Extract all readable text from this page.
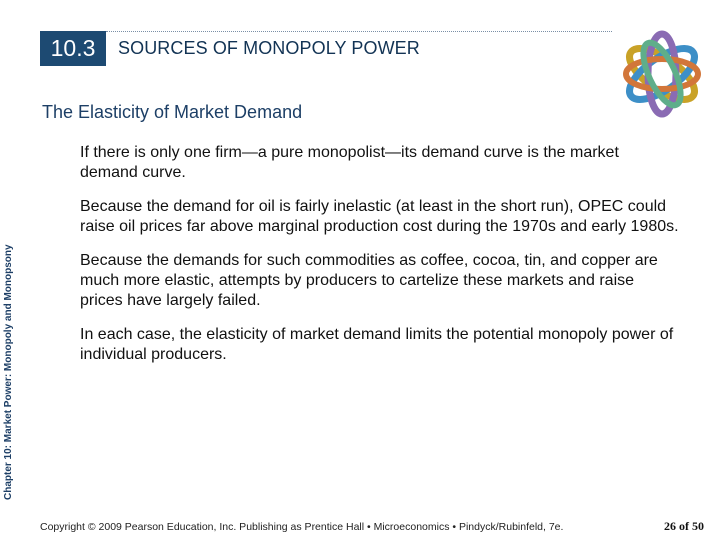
10.3	SOURCES OF MONOPOLY POWER
The Elasticity of Market Demand
Chapter 10: Market Power: Monopoly and Monopsony

If there is only one firm—a pure monopolist—its demand curve is the market demand curve.

Because the demand for oil is fairly inelastic (at least in the short run), OPEC could raise oil prices far above marginal production cost during the 1970s and early 1980s.

Because the demands for such commodities as coffee, cocoa, tin, and copper are much more elastic, attempts by producers to cartelize these markets and raise prices have largely failed.

In each case, the elasticity of market demand limits the potential monopoly power of individual producers.

Copyright © 2009 Pearson Education, Inc. Publishing as Prentice Hall • Microeconomics • Pindyck/Rubinfeld, 7e.	26 of 50
